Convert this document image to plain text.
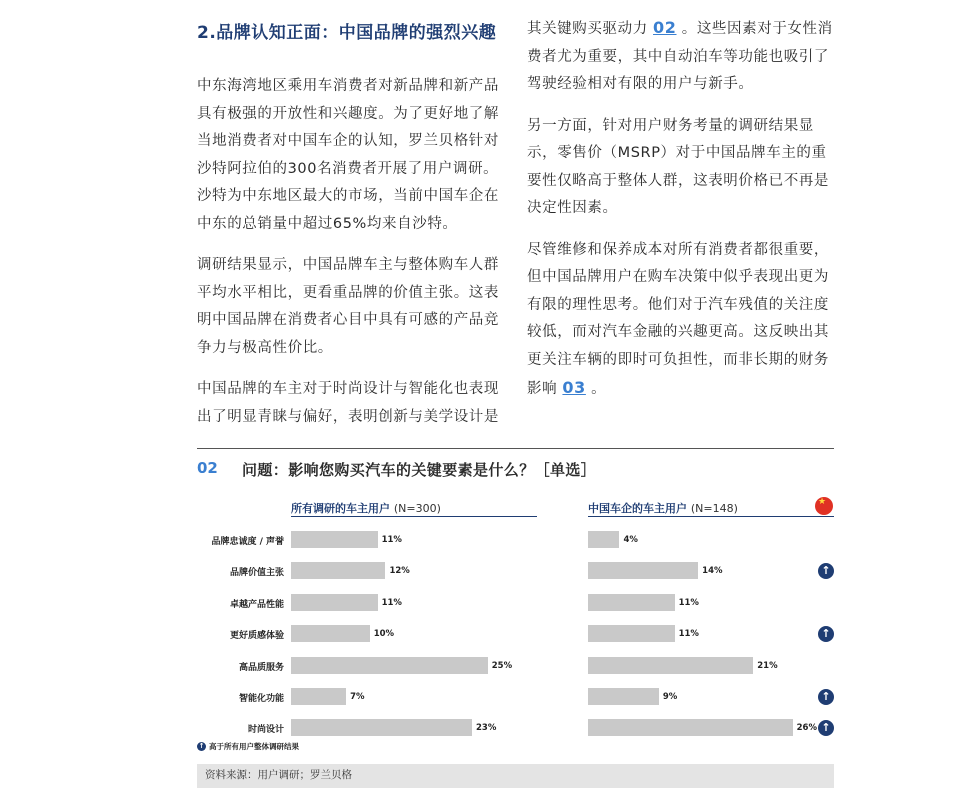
2.品牌认知正面：中国品牌的强烈兴趣

中东海湾地区乘用车消费者对新品牌和新产品具有极强的开放性和兴趣度。为了更好地了解当地消费者对中国车企的认知，罗兰贝格针对沙特阿拉伯的300名消费者开展了用户调研。沙特为中东地区最大的市场，当前中国车企在中东的总销量中超过65%均来自沙特。

调研结果显示，中国品牌车主与整体购车人群平均水平相比，更看重品牌的价值主张。这表明中国品牌在消费者心目中具有可感的产品竞争力与极高性价比。

中国品牌的车主对于时尚设计与智能化也表现出了明显青睐与偏好，表明创新与美学设计是

其关键购买驱动力 02 。这些因素对于女性消费者尤为重要，其中自动泊车等功能也吸引了驾驶经验相对有限的用户与新手。

另一方面，针对用户财务考量的调研结果显示，零售价（MSRP）对于中国品牌车主的重要性仅略高于整体人群，这表明价格已不再是决定性因素。

尽管维修和保养成本对所有消费者都很重要，但中国品牌用户在购车决策中似乎表现出更为有限的理性思考。他们对于汽车残值的关注度较低，而对汽车金融的兴趣更高。这反映出其更关注车辆的即时可负担性，而非长期的财务影响 03 。

02 问题：影响您购买汽车的关键要素是什么？［单选］
所有调研的车主用户 (N=300)	中国车企的车主用户 (N=148)
★
品牌忠诚度 / 声誉	11%	4%
品牌价值主张	12%	14%	↑
卓越产品性能	11%	11%
更好质感体验	10%	11%	↑
高品质服务	25%	21%
智能化功能	7%	9%	↑
时尚设计	23%	26% ↑
↑ 高于所有用户整体调研结果
资料来源：用户调研；罗兰贝格
